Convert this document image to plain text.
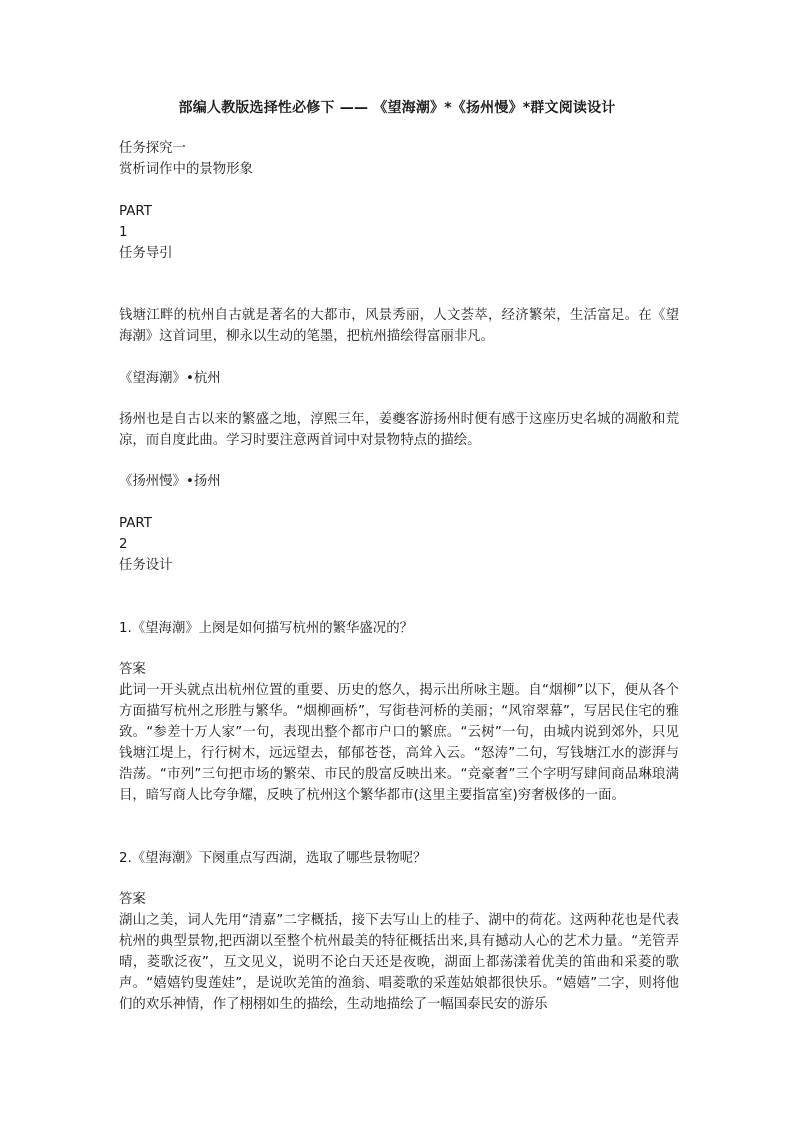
部编人教版选择性必修下 —— 《望海潮》*《扬州慢》*群文阅读设计
任务探究一
赏析词作中的景物形象
PART
1
任务导引
钱塘江畔的杭州自古就是著名的大都市，风景秀丽，人文荟萃，经济繁荣，生活富足。在《望海潮》这首词里，柳永以生动的笔墨，把杭州描绘得富丽非凡。
《望海潮》•杭州
扬州也是自古以来的繁盛之地，淳熙三年，姜夔客游扬州时便有感于这座历史名城的凋敝和荒凉，而自度此曲。学习时要注意两首词中对景物特点的描绘。
《扬州慢》•扬州
PART
2
任务设计
1.《望海潮》上阕是如何描写杭州的繁华盛况的？
答案
此词一开头就点出杭州位置的重要、历史的悠久，揭示出所咏主题。自“烟柳”以下，便从各个方面描写杭州之形胜与繁华。“烟柳画桥”，写街巷河桥的美丽；“风帘翠幕”，写居民住宅的雅致。“参差十万人家”一句，表现出整个都市户口的繁庶。“云树”一句，由城内说到郊外，只见钱塘江堤上，行行树木，远远望去，郁郁苍苍，高耸入云。“怒涛”二句，写钱塘江水的澎湃与浩荡。“市列”三句把市场的繁荣、市民的殷富反映出来。“竞豪奢”三个字明写肆间商品琳琅满目，暗写商人比夸争耀，反映了杭州这个繁华都市(这里主要指富室)穷奢极侈的一面。
2.《望海潮》下阕重点写西湖，选取了哪些景物呢？
答案
湖山之美，词人先用“清嘉”二字概括，接下去写山上的桂子、湖中的荷花。这两种花也是代表杭州的典型景物,把西湖以至整个杭州最美的特征概括出来,具有撼动人心的艺术力量。“羌管弄晴，菱歌泛夜”，互文见义，说明不论白天还是夜晚，湖面上都荡漾着优美的笛曲和采菱的歌声。“嬉嬉钓叟莲娃”，是说吹羌笛的渔翁、唱菱歌的采莲姑娘都很快乐。“嬉嬉”二字，则将他们的欢乐神情，作了栩栩如生的描绘，生动地描绘了一幅国泰民安的游乐
